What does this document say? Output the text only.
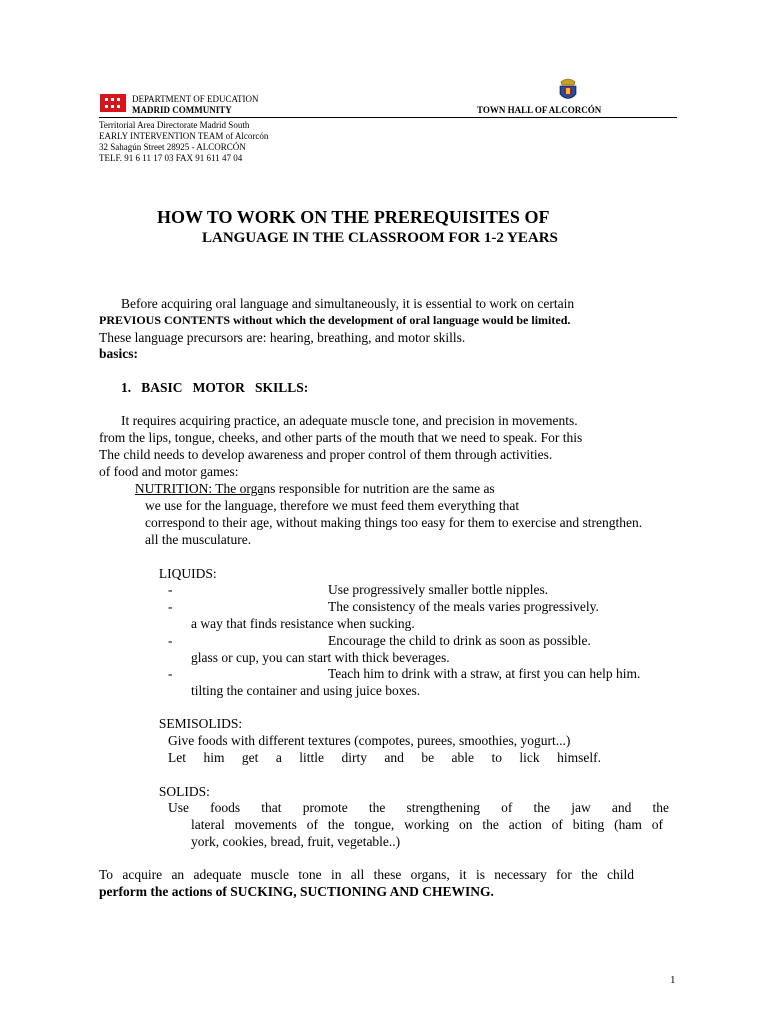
DEPARTMENT OF EDUCATION
MADRID COMMUNITY	TOWN HALL OF ALCORCÓN
Territorial Area Directorate Madrid South
EARLY INTERVENTION TEAM of Alcorcón
32 Sahagún Street 28925 - ALCORCÓN
TELF. 91 6 11 17 03 FAX 91 611 47 04
HOW TO WORK ON THE PREREQUISITES OF
LANGUAGE IN THE CLASSROOM FOR 1-2 YEARS
Before acquiring oral language and simultaneously, it is essential to work on certain
PREVIOUS CONTENTS without which the development of oral language would be limited.
These language precursors are: hearing, breathing, and motor skills.
basics:
1.   BASIC   MOTOR   SKILLS:
It requires acquiring practice, an adequate muscle tone, and precision in movements.
from the lips, tongue, cheeks, and other parts of the mouth that we need to speak. For this
The child needs to develop awareness and proper control of them through activities.
of food and motor games:
NUTRITION: The organs responsible for nutrition are the same as
we use for the language, therefore we must feed them everything that
correspond to their age, without making things too easy for them to exercise and strengthen.
all the musculature.
LIQUIDS:
-	Use progressively smaller bottle nipples.
-	The consistency of the meals varies progressively.
a way that finds resistance when sucking.
-	Encourage the child to drink as soon as possible.
glass or cup, you can start with thick beverages.
-	Teach him to drink with a straw, at first you can help him.
tilting the container and using juice boxes.
SEMISOLIDS:
Give foods with different textures (compotes, purees, smoothies, yogurt...)
Let him get a little dirty and be able to lick himself.
SOLIDS:
Use foods that promote the strengthening of the jaw and the
lateral movements of the tongue, working on the action of biting (ham of
york, cookies, bread, fruit, vegetable..)
To acquire an adequate muscle tone in all these organs, it is necessary for the child
perform the actions of SUCKING, SUCTIONING AND CHEWING.
1
